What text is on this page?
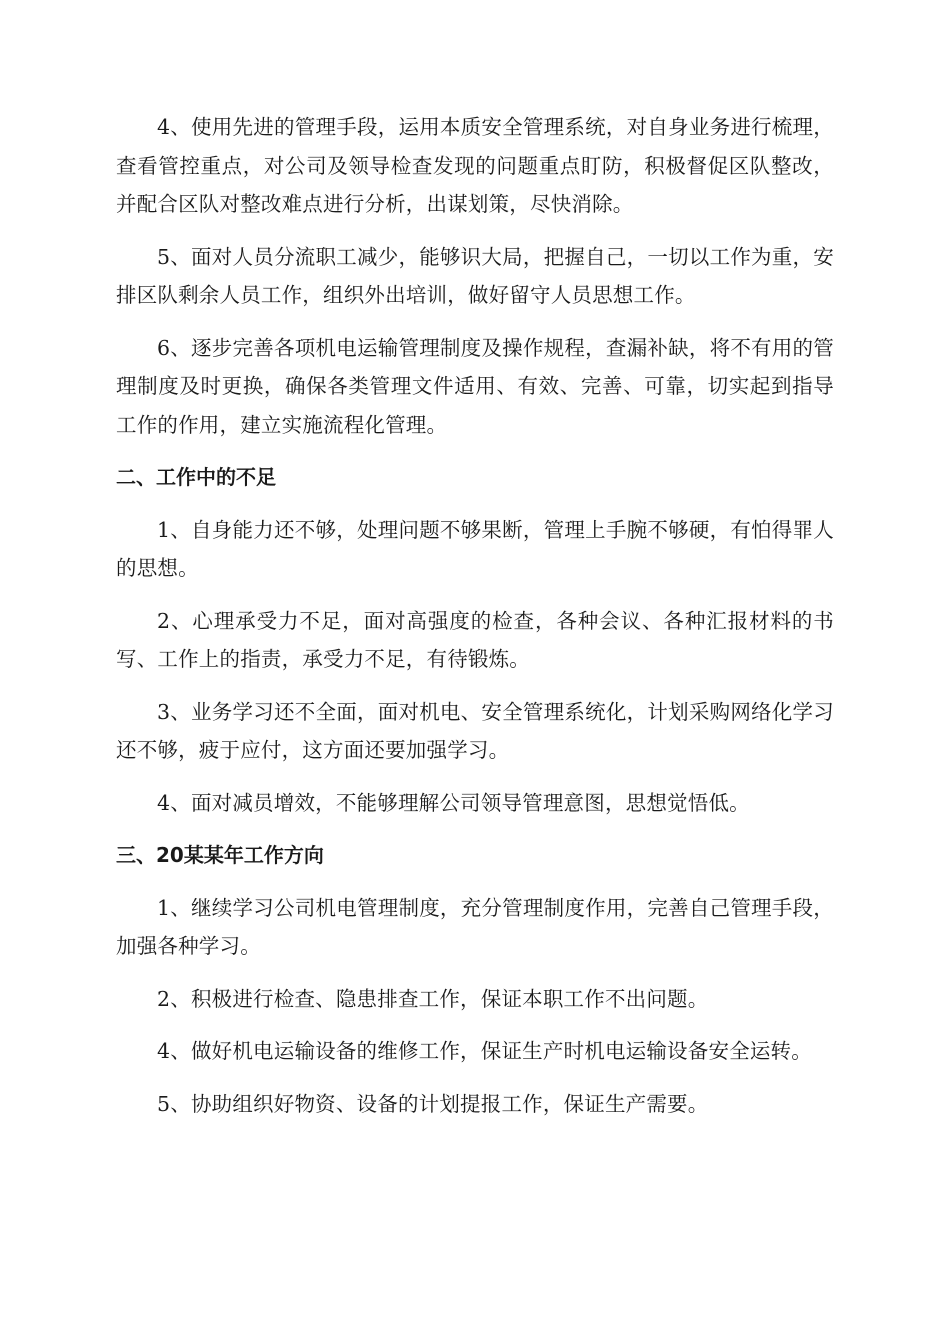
4、使用先进的管理手段，运用本质安全管理系统，对自身业务进行梳理，查看管控重点，对公司及领导检查发现的问题重点盯防，积极督促区队整改，并配合区队对整改难点进行分析，出谋划策，尽快消除。

5、面对人员分流职工减少，能够识大局，把握自己，一切以工作为重，安排区队剩余人员工作，组织外出培训，做好留守人员思想工作。

6、逐步完善各项机电运输管理制度及操作规程，查漏补缺，将不有用的管理制度及时更换，确保各类管理文件适用、有效、完善、可靠，切实起到指导工作的作用，建立实施流程化管理。

二、工作中的不足

1、自身能力还不够，处理问题不够果断，管理上手腕不够硬，有怕得罪人的思想。

2、心理承受力不足，面对高强度的检查，各种会议、各种汇报材料的书写、工作上的指责，承受力不足，有待锻炼。

3、业务学习还不全面，面对机电、安全管理系统化，计划采购网络化学习还不够，疲于应付，这方面还要加强学习。

4、面对减员增效，不能够理解公司领导管理意图，思想觉悟低。

三、20某某年工作方向

1、继续学习公司机电管理制度，充分管理制度作用，完善自己管理手段，加强各种学习。

2、积极进行检查、隐患排查工作，保证本职工作不出问题。

4、做好机电运输设备的维修工作，保证生产时机电运输设备安全运转。

5、协助组织好物资、设备的计划提报工作，保证生产需要。
